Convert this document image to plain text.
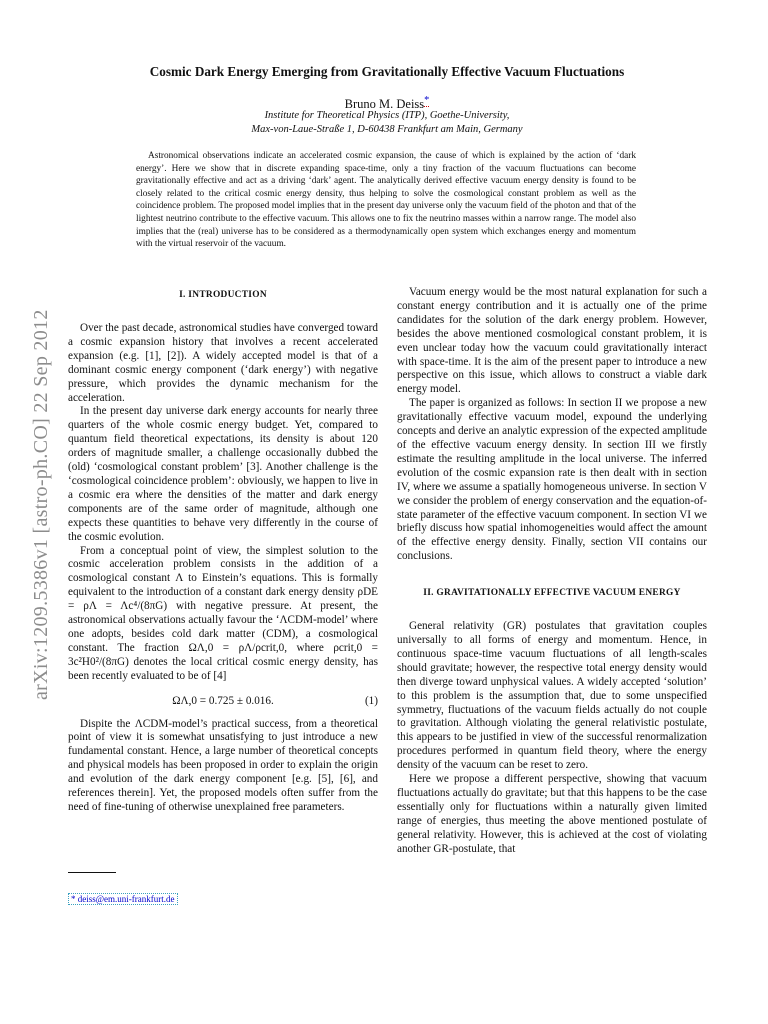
arXiv:1209.5386v1 [astro-ph.CO] 22 Sep 2012
Cosmic Dark Energy Emerging from Gravitationally Effective Vacuum Fluctuations
Bruno M. Deiss*
Institute for Theoretical Physics (ITP), Goethe-University,
Max-von-Laue-Straße 1, D-60438 Frankfurt am Main, Germany
Astronomical observations indicate an accelerated cosmic expansion, the cause of which is explained by the action of ‘dark energy’. Here we show that in discrete expanding space-time, only a tiny fraction of the vacuum fluctuations can become gravitationally effective and act as a driving ‘dark’ agent. The analytically derived effective vacuum energy density is found to be closely related to the critical cosmic energy density, thus helping to solve the cosmological constant problem as well as the coincidence problem. The proposed model implies that in the present day universe only the vacuum field of the photon and that of the lightest neutrino contribute to the effective vacuum. This allows one to fix the neutrino masses within a narrow range. The model also implies that the (real) universe has to be considered as a thermodynamically open system which exchanges energy and momentum with the virtual reservoir of the vacuum.
I. INTRODUCTION

Over the past decade, astronomical studies have converged toward a cosmic expansion history that involves a recent accelerated expansion (e.g. [1], [2]). A widely accepted model is that of a dominant cosmic energy component (‘dark energy’) with negative pressure, which provides the dynamic mechanism for the acceleration.

In the present day universe dark energy accounts for nearly three quarters of the whole cosmic energy budget. Yet, compared to quantum field theoretical expectations, its density is about 120 orders of magnitude smaller, a challenge occasionally dubbed the (old) ‘cosmological constant problem’ [3]. Another challenge is the ‘cosmological coincidence problem’: obviously, we happen to live in a cosmic era where the densities of the matter and dark energy components are of the same order of magnitude, although one expects these quantities to behave very differently in the course of the cosmic evolution.

From a conceptual point of view, the simplest solution to the cosmic acceleration problem consists in the addition of a cosmological constant Λ to Einstein’s equations. This is formally equivalent to the introduction of a constant dark energy density ρDE = ρΛ = Λc⁴/(8πG) with negative pressure. At present, the astronomical observations actually favour the ‘ΛCDM-model’ where one adopts, besides cold dark matter (CDM), a cosmological constant. The fraction ΩΛ,0 = ρΛ/ρcrit,0, where ρcrit,0 = 3c²H0²/(8πG) denotes the local critical cosmic energy density, has been recently evaluated to be of [4]

ΩΛ,0 = 0.725 ± 0.016.	(1)

Dispite the ΛCDM-model’s practical success, from a theoretical point of view it is somewhat unsatisfying to just introduce a new fundamental constant. Hence, a large number of theoretical concepts and physical models has been proposed in order to explain the origin and evolution of the dark energy component [e.g. [5], [6], and references therein]. Yet, the proposed models often suffer from the need of fine-tuning of otherwise unexplained free parameters.

* deiss@em.uni-frankfurt.de

Vacuum energy would be the most natural explanation for such a constant energy contribution and it is actually one of the prime candidates for the solution of the dark energy problem. However, besides the above mentioned cosmological constant problem, it is even unclear today how the vacuum could gravitationally interact with space-time. It is the aim of the present paper to introduce a new perspective on this issue, which allows to construct a viable dark energy model.

The paper is organized as follows: In section II we propose a new gravitationally effective vacuum model, expound the underlying concepts and derive an analytic expression of the expected amplitude of the effective vacuum energy density. In section III we firstly estimate the resulting amplitude in the local universe. The inferred evolution of the cosmic expansion rate is then dealt with in section IV, where we assume a spatially homogeneous universe. In section V we consider the problem of energy conservation and the equation-of-state parameter of the effective vacuum component. In section VI we briefly discuss how spatial inhomogeneities would affect the amount of the effective energy density. Finally, section VII contains our conclusions.

II. GRAVITATIONALLY EFFECTIVE VACUUM ENERGY

General relativity (GR) postulates that gravitation couples universally to all forms of energy and momentum. Hence, in continuous space-time vacuum fluctuations of all length-scales should gravitate; however, the respective total energy density would then diverge toward unphysical values. A widely accepted ‘solution’ to this problem is the assumption that, due to some unspecified symmetry, fluctuations of the vacuum fields actually do not couple to gravitation. Although violating the general relativistic postulate, this appears to be justified in view of the successful renormalization procedures performed in quantum field theory, where the energy density of the vacuum can be reset to zero.

Here we propose a different perspective, showing that vacuum fluctuations actually do gravitate; but that this happens to be the case essentially only for fluctuations within a naturally given limited range of energies, thus meeting the above mentioned postulate of general relativity. However, this is achieved at the cost of violating another GR-postulate, that
